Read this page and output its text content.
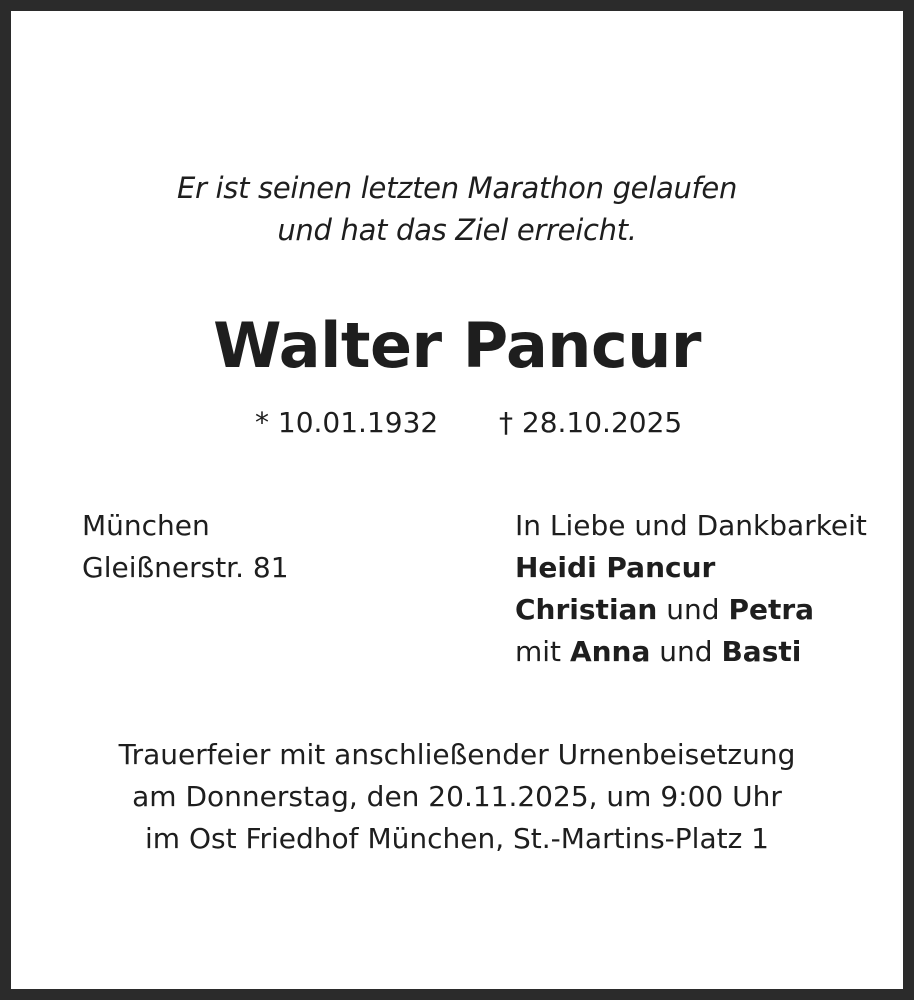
Er ist seinen letzten Marathon gelaufen
und hat das Ziel erreicht.
Walter Pancur
* 10.01.1932 † 28.10.2025
München
Gleißnerstr. 81
In Liebe und Dankbarkeit
Heidi Pancur
Christian und Petra
mit Anna und Basti
Trauerfeier mit anschließender Urnenbeisetzung
am Donnerstag, den 20.11.2025, um 9:00 Uhr
im Ost Friedhof München, St.-Martins-Platz 1
